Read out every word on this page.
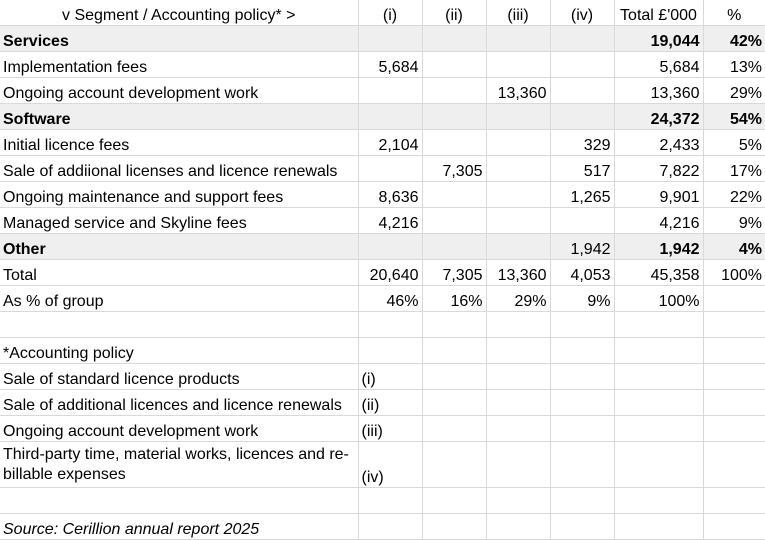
v Segment / Accounting policy* >	(i)	(ii)	(iii)	(iv)	Total £'000	%
Services					19,044	42%
Implementation fees	5,684				5,684	13%
Ongoing account development work			13,360		13,360	29%
Software					24,372	54%
Initial licence fees	2,104			329	2,433	5%
Sale of addiional licenses and licence renewals		7,305		517	7,822	17%
Ongoing maintenance and support fees	8,636			1,265	9,901	22%
Managed service and Skyline fees	4,216				4,216	9%
Other				1,942	1,942	4%
Total	20,640	7,305	13,360	4,053	45,358	100%
As % of group	46%	16%	29%	9%	100%	

*Accounting policy						
Sale of standard licence products	(i)					
Sale of additional licences and licence renewals	(ii)					
Ongoing account development work	(iii)					
Third-party time, material works, licences and re-billable expenses	(iv)					

Source: Cerillion annual report 2025						
